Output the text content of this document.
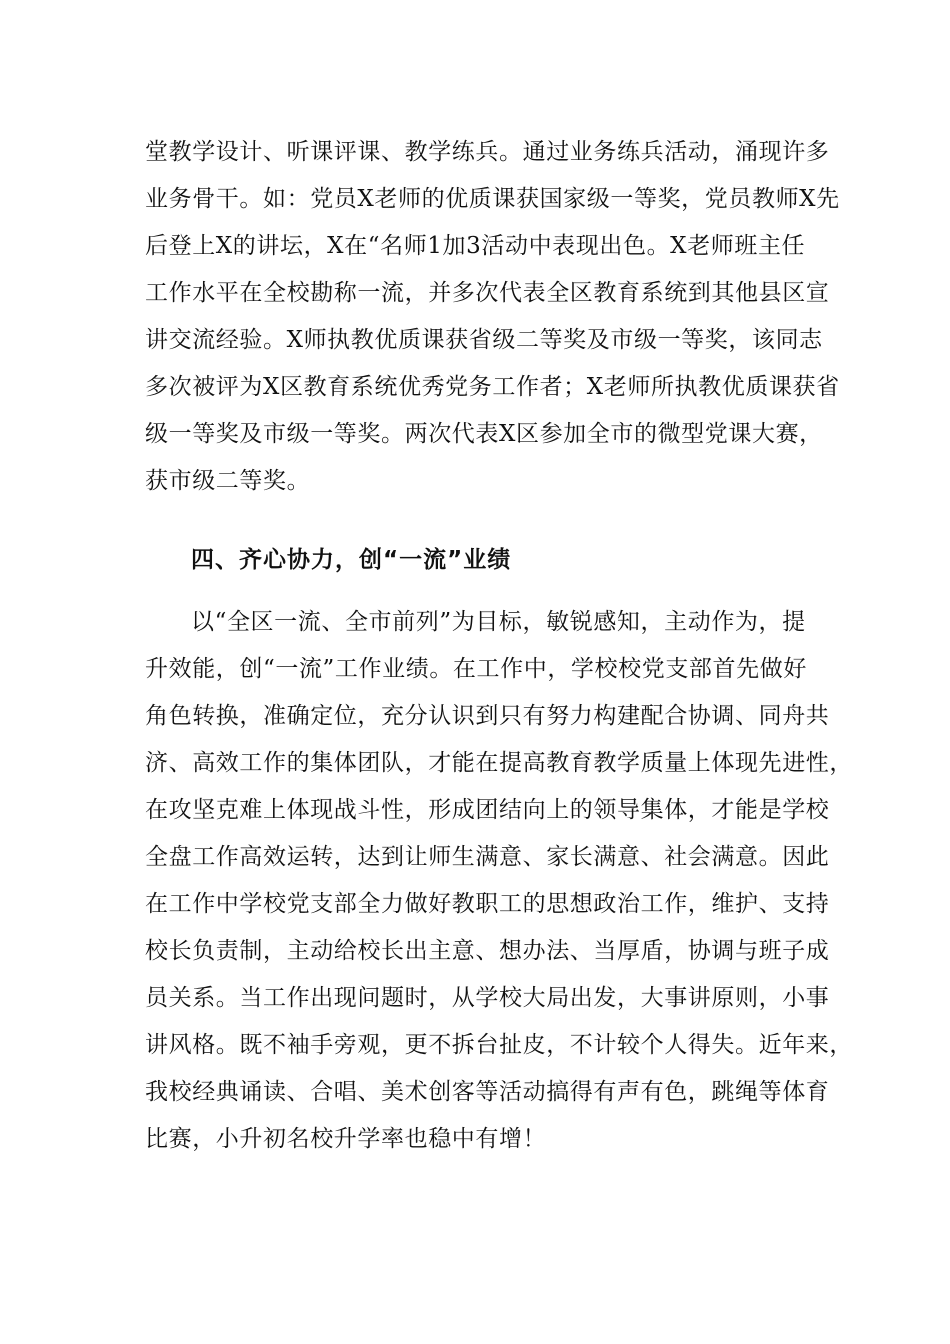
堂教学设计、听课评课、教学练兵。通过业务练兵活动，涌现许多
业务骨干。如：党员X老师的优质课获国家级一等奖，党员教师X先
后登上X的讲坛，X在“名师1加3活动中表现出色。X老师班主任
工作水平在全校勘称一流，并多次代表全区教育系统到其他县区宣
讲交流经验。X师执教优质课获省级二等奖及市级一等奖，该同志
多次被评为X区教育系统优秀党务工作者；X老师所执教优质课获省
级一等奖及市级一等奖。两次代表X区参加全市的微型党课大赛，
获市级二等奖。
四、齐心协力，创“一流”业绩
以“全区一流、全市前列”为目标，敏锐感知，主动作为，提
升效能，创“一流”工作业绩。在工作中，学校校党支部首先做好
角色转换，准确定位，充分认识到只有努力构建配合协调、同舟共
济、高效工作的集体团队，才能在提高教育教学质量上体现先进性，
在攻坚克难上体现战斗性，形成团结向上的领导集体，才能是学校
全盘工作高效运转，达到让师生满意、家长满意、社会满意。因此
在工作中学校党支部全力做好教职工的思想政治工作，维护、支持
校长负责制，主动给校长出主意、想办法、当厚盾，协调与班子成
员关系。当工作出现问题时，从学校大局出发，大事讲原则，小事
讲风格。既不袖手旁观，更不拆台扯皮，不计较个人得失。近年来，
我校经典诵读、合唱、美术创客等活动搞得有声有色，跳绳等体育
比赛，小升初名校升学率也稳中有增！
